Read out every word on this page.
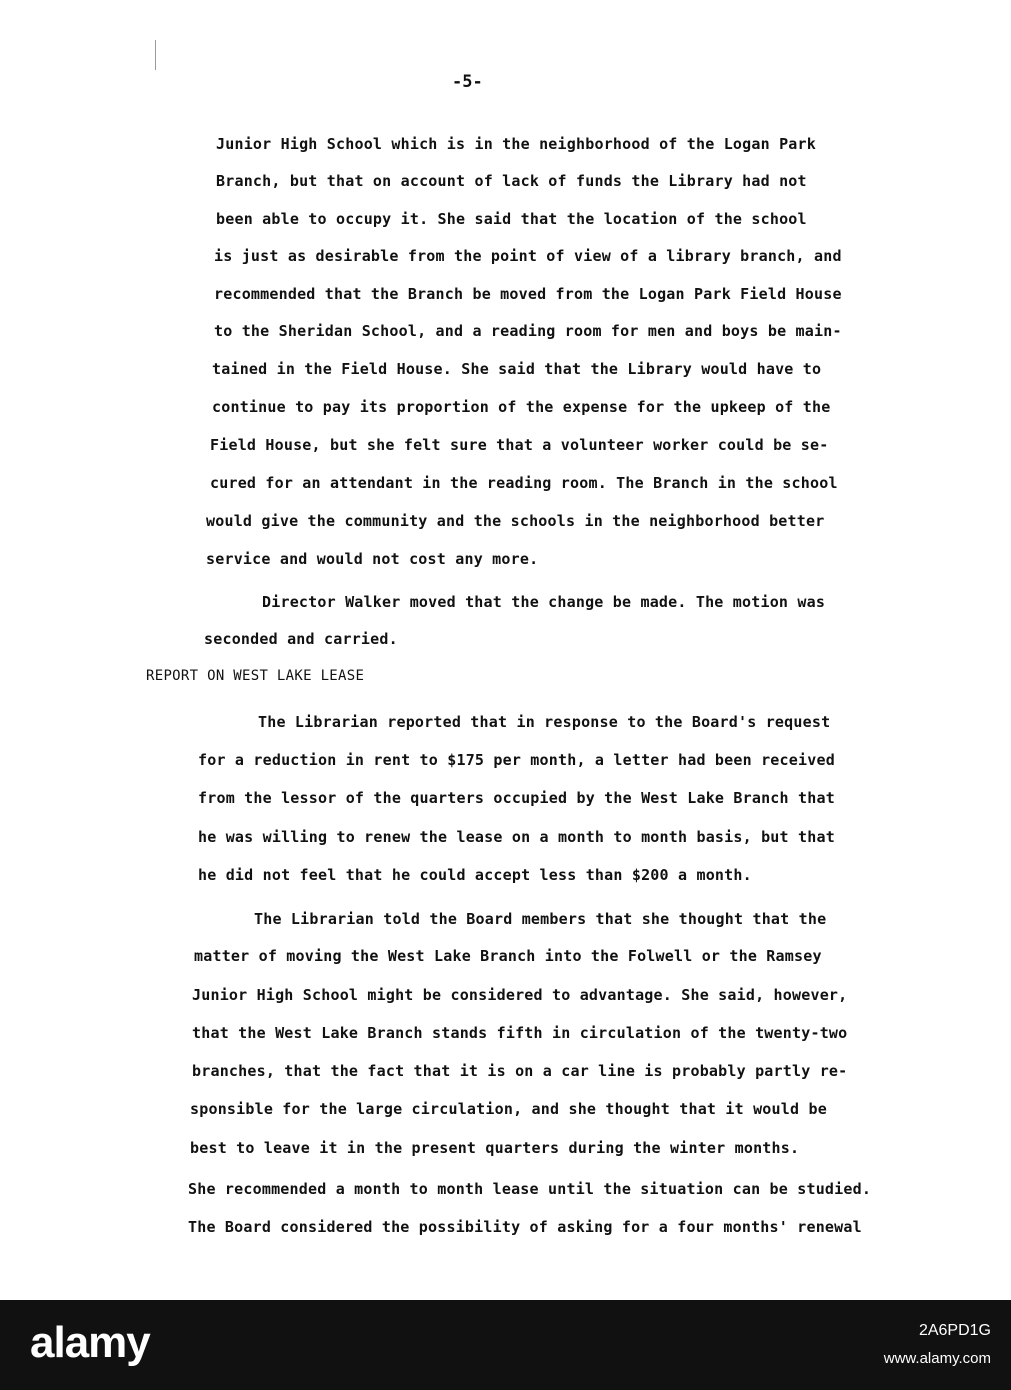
-5-
Junior High School which is in the neighborhood of the Logan Park
Branch, but that on account of lack of funds the Library had not
been able to occupy it. She said that the location of the school
is just as desirable from the point of view of a library branch, and
recommended that the Branch be moved from the Logan Park Field House
to the Sheridan School, and a reading room for men and boys be main-
tained in the Field House. She said that the Library would have to
continue to pay its proportion of the expense for the upkeep of the
Field House, but she felt sure that a volunteer worker could be se-
cured for an attendant in the reading room. The Branch in the school
would give the community and the schools in the neighborhood better
service and would not cost any more.
Director Walker moved that the change be made. The motion was
seconded and carried.
REPORT ON WEST LAKE LEASE
The Librarian reported that in response to the Board's request
for a reduction in rent to $175 per month, a letter had been received
from the lessor of the quarters occupied by the West Lake Branch that
he was willing to renew the lease on a month to month basis, but that
he did not feel that he could accept less than $200 a month.
The Librarian told the Board members that she thought that the
matter of moving the West Lake Branch into the Folwell or the Ramsey
Junior High School might be considered to advantage. She said, however,
that the West Lake Branch stands fifth in circulation of the twenty-two
branches, that the fact that it is on a car line is probably partly re-
sponsible for the large circulation, and she thought that it would be
best to leave it in the present quarters during the winter months.
She recommended a month to month lease until the situation can be studied.
The Board considered the possibility of asking for a four months' renewal
alamy	2A6PD1G
www.alamy.com
